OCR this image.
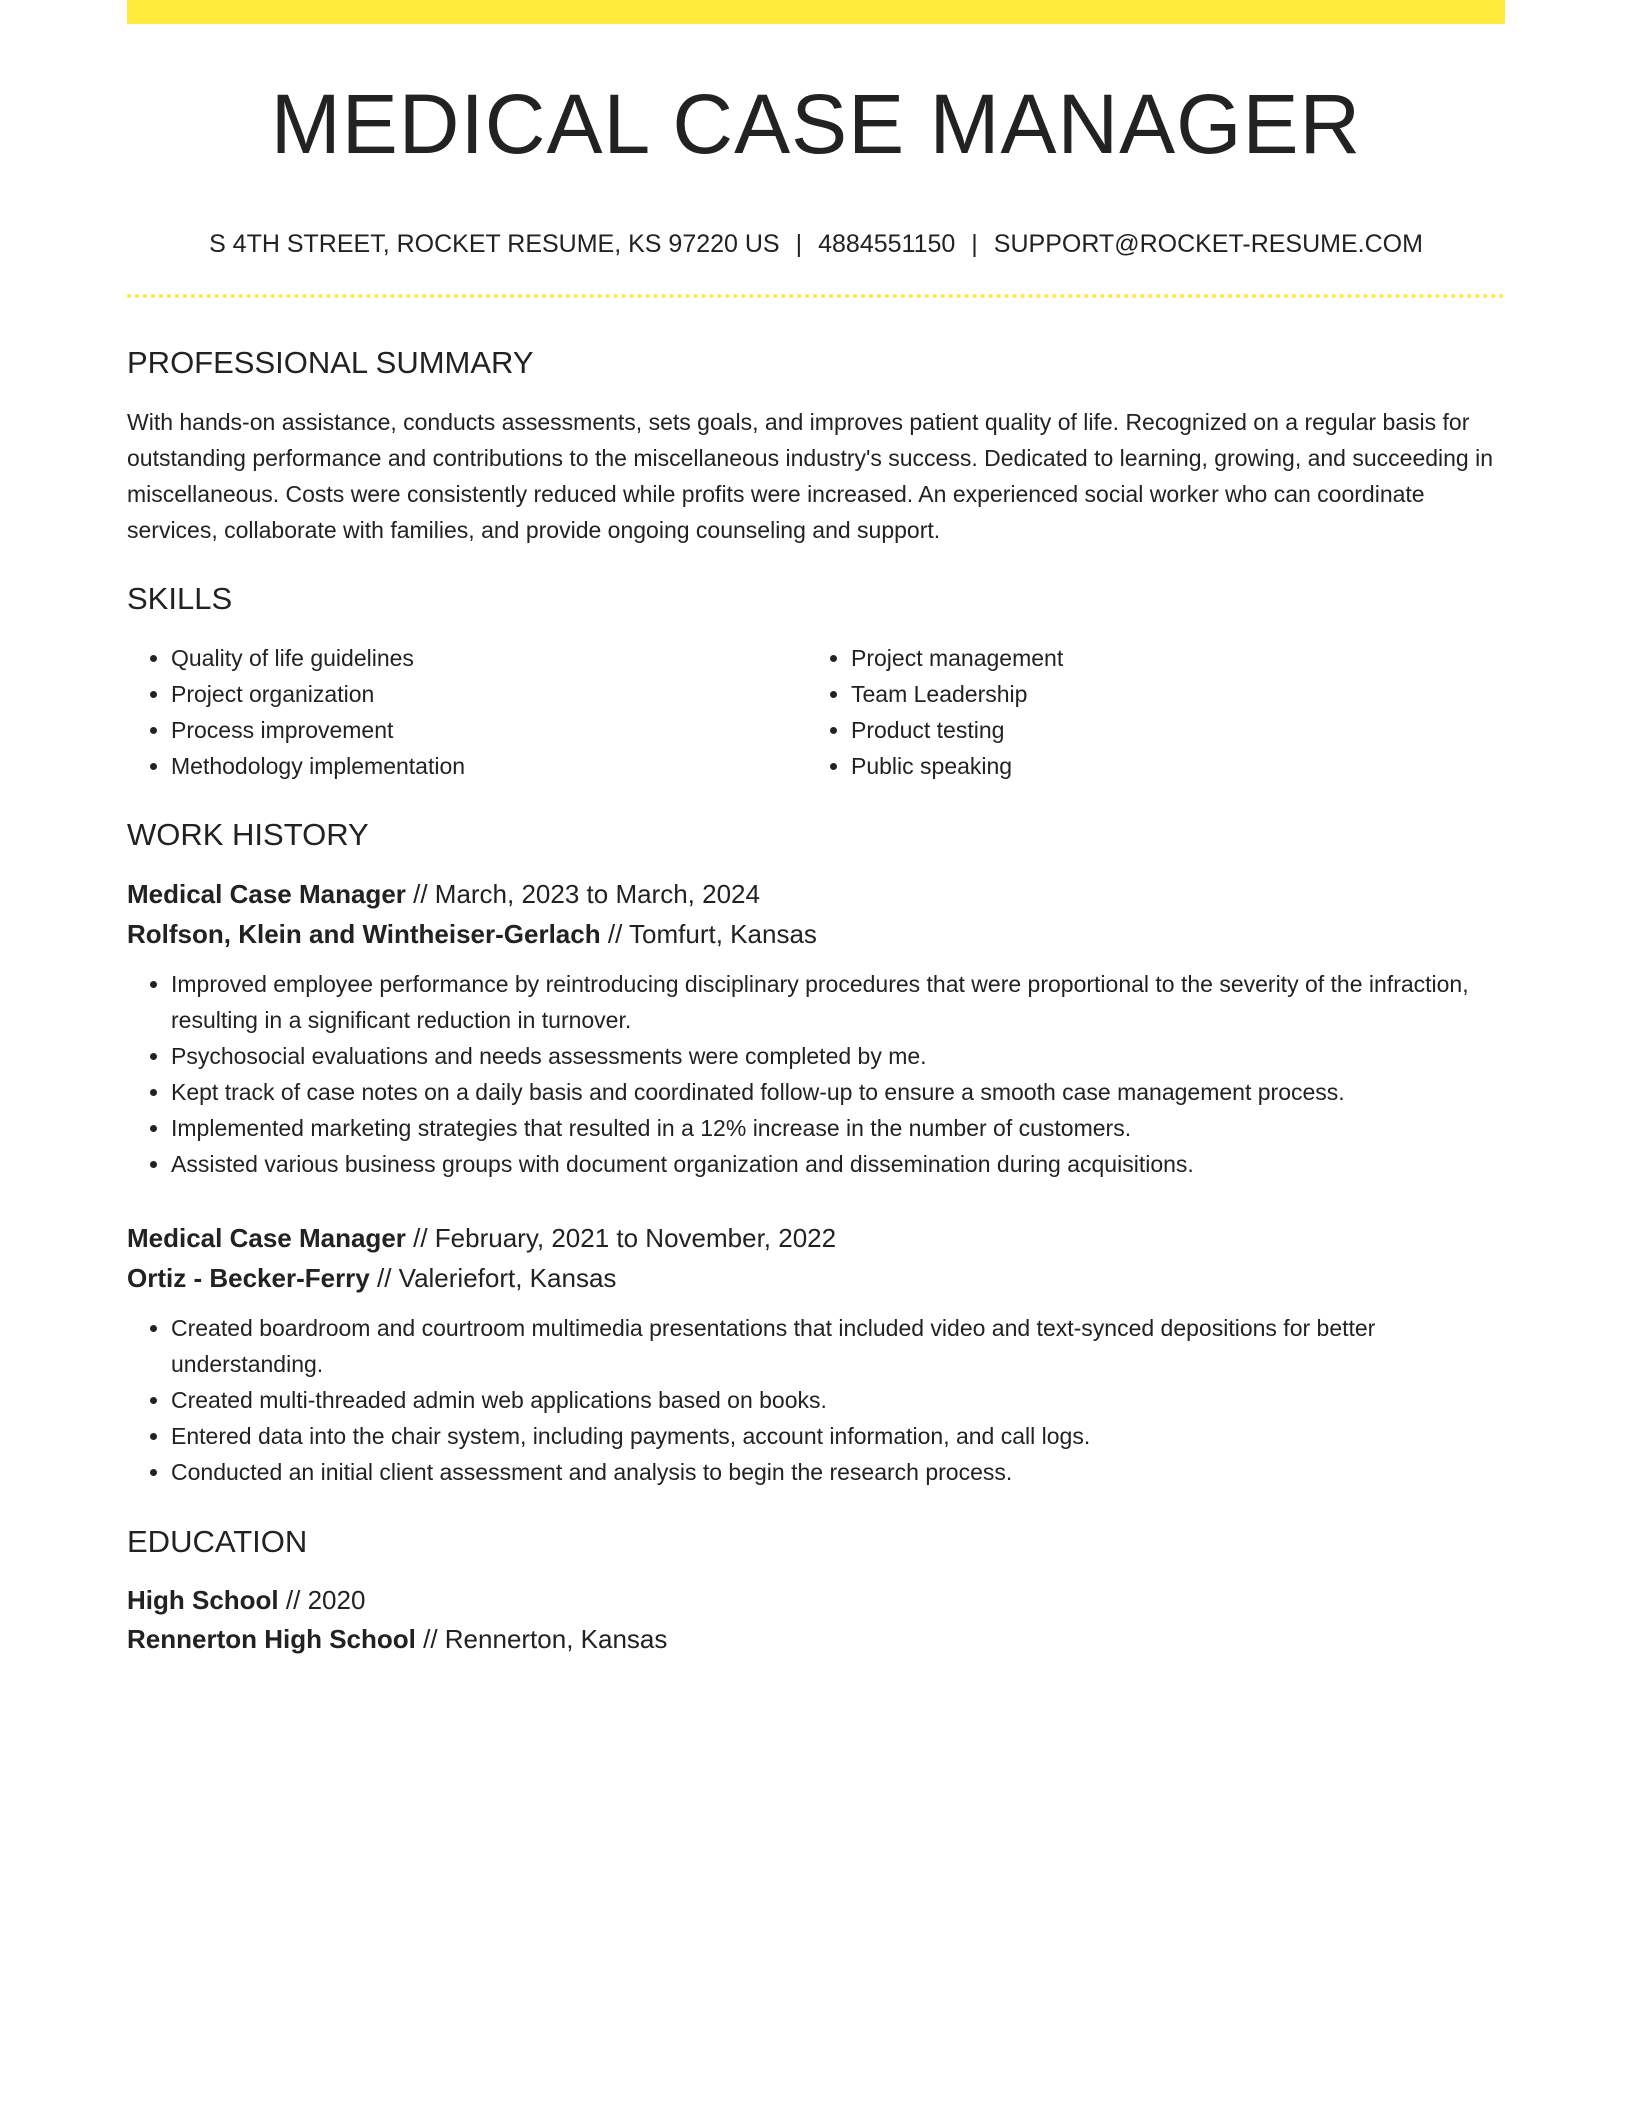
MEDICAL CASE MANAGER
S 4TH STREET, ROCKET RESUME, KS 97220 US | 4884551150 | SUPPORT@ROCKET-RESUME.COM
PROFESSIONAL SUMMARY
With hands-on assistance, conducts assessments, sets goals, and improves patient quality of life. Recognized on a regular basis for outstanding performance and contributions to the miscellaneous industry's success. Dedicated to learning, growing, and succeeding in miscellaneous. Costs were consistently reduced while profits were increased. An experienced social worker who can coordinate services, collaborate with families, and provide ongoing counseling and support.
SKILLS
• Quality of life guidelines
• Project organization
• Process improvement
• Methodology implementation
• Project management
• Team Leadership
• Product testing
• Public speaking
WORK HISTORY
Medical Case Manager // March, 2023 to March, 2024
Rolfson, Klein and Wintheiser-Gerlach // Tomfurt, Kansas
• Improved employee performance by reintroducing disciplinary procedures that were proportional to the severity of the infraction, resulting in a significant reduction in turnover.
• Psychosocial evaluations and needs assessments were completed by me.
• Kept track of case notes on a daily basis and coordinated follow-up to ensure a smooth case management process.
• Implemented marketing strategies that resulted in a 12% increase in the number of customers.
• Assisted various business groups with document organization and dissemination during acquisitions.
Medical Case Manager // February, 2021 to November, 2022
Ortiz - Becker-Ferry // Valeriefort, Kansas
• Created boardroom and courtroom multimedia presentations that included video and text-synced depositions for better understanding.
• Created multi-threaded admin web applications based on books.
• Entered data into the chair system, including payments, account information, and call logs.
• Conducted an initial client assessment and analysis to begin the research process.
EDUCATION
High School // 2020
Rennerton High School // Rennerton, Kansas
